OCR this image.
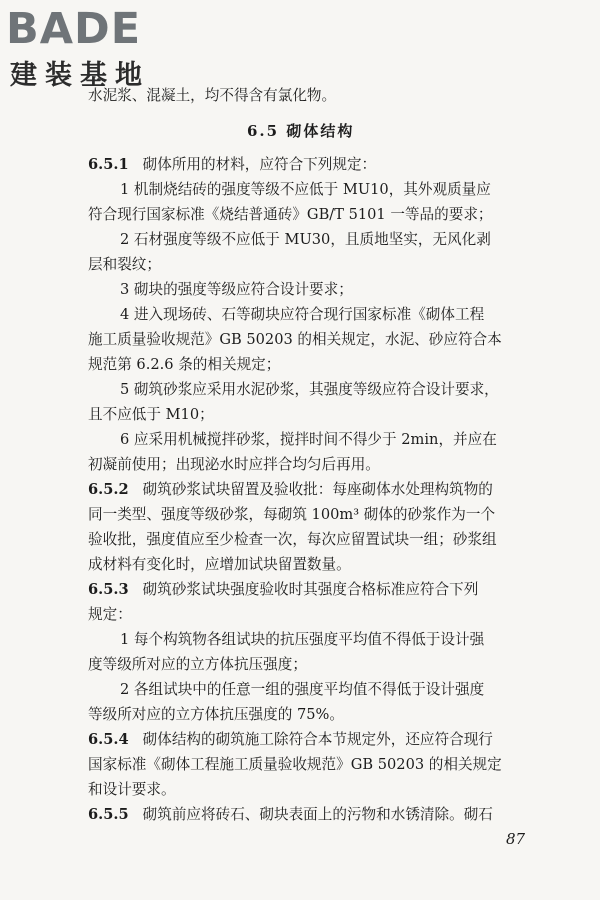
BADE
建装基地
水泥浆、混凝土，均不得含有氯化物。
6.5 砌体结构
6.5.1 砌体所用的材料，应符合下列规定：
1 机制烧结砖的强度等级不应低于 MU10，其外观质量应
符合现行国家标准《烧结普通砖》GB/T 5101 一等品的要求；
2 石材强度等级不应低于 MU30，且质地坚实，无风化剥
层和裂纹；
3 砌块的强度等级应符合设计要求；
4 进入现场砖、石等砌块应符合现行国家标准《砌体工程
施工质量验收规范》GB 50203 的相关规定，水泥、砂应符合本
规范第 6.2.6 条的相关规定；
5 砌筑砂浆应采用水泥砂浆，其强度等级应符合设计要求，
且不应低于 M10；
6 应采用机械搅拌砂浆，搅拌时间不得少于 2min，并应在
初凝前使用；出现泌水时应拌合均匀后再用。
6.5.2 砌筑砂浆试块留置及验收批：每座砌体水处理构筑物的
同一类型、强度等级砂浆，每砌筑 100m³ 砌体的砂浆作为一个
验收批，强度值应至少检查一次，每次应留置试块一组；砂浆组
成材料有变化时，应增加试块留置数量。
6.5.3 砌筑砂浆试块强度验收时其强度合格标准应符合下列
规定：
1 每个构筑物各组试块的抗压强度平均值不得低于设计强
度等级所对应的立方体抗压强度；
2 各组试块中的任意一组的强度平均值不得低于设计强度
等级所对应的立方体抗压强度的 75%。
6.5.4 砌体结构的砌筑施工除符合本节规定外，还应符合现行
国家标准《砌体工程施工质量验收规范》GB 50203 的相关规定
和设计要求。
6.5.5 砌筑前应将砖石、砌块表面上的污物和水锈清除。砌石
87
